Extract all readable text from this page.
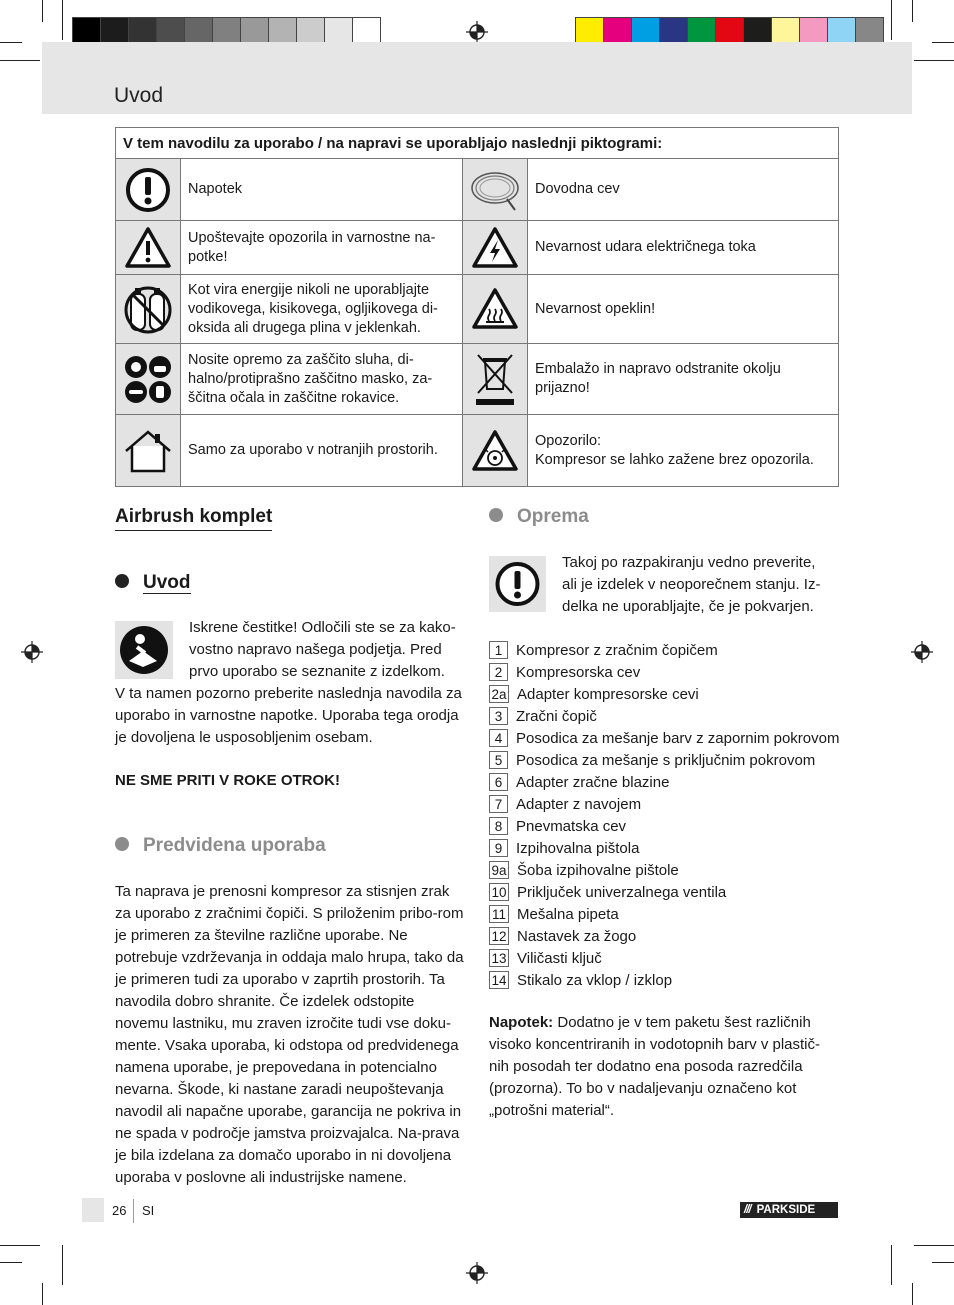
Uvod
V tem navodilu za uporabo / na napravi se uporabljajo naslednji piktogrami:			

	Napotek		Dovodna cev

	Upoštevajte opozorila in varnostne na-potke!		Nevarnost udara električnega toka

	Kot vira energije nikoli ne uporabljajte vodikovega, kisikovega, ogljikovega di-oksida ali drugega plina v jeklenkah.		Nevarnost opeklin!

	Nosite opremo za zaščito sluha, di-halno/protiprašno zaščitno masko, za-ščitna očala in zaščitne rokavice.		Embalažo in napravo odstranite okolju prijazno!

	Samo za uporabo v notranjih prostorih.		Opozorilo:
Kompresor se lahko zažene brez opozorila.
Airbrush komplet
Uvod
Iskrene čestitke! Odločili ste se za kako-vostno napravo našega podjetja. Pred prvo uporabo se seznanite z izdelkom.
V ta namen pozorno preberite naslednja navodila za uporabo in varnostne napotke. Uporaba tega orodja je dovoljena le usposobljenim osebam.
NE SME PRITI V ROKE OTROK!
Predvidena uporaba
Ta naprava je prenosni kompresor za stisnjen zrak za uporabo z zračnimi čopiči. S priloženim pribo-rom je primeren za številne različne uporabe. Ne potrebuje vzdrževanja in oddaja malo hrupa, tako da je primeren tudi za uporabo v zaprtih prostorih. Ta navodila dobro shranite. Če izdelek odstopite novemu lastniku, mu zraven izročite tudi vse doku-mente. Vsaka uporaba, ki odstopa od predvidenega namena uporabe, je prepovedana in potencialno nevarna. Škode, ki nastane zaradi neupoštevanja navodil ali napačne uporabe, garancija ne pokriva in ne spada v področje jamstva proizvajalca. Na-prava je bila izdelana za domačo uporabo in ni dovoljena uporaba v poslovne ali industrijske namene.
Oprema
Takoj po razpakiranju vedno preverite, ali je izdelek v neoporečnem stanju. Iz-delka ne uporabljajte, če je pokvarjen.
1 Kompresor z zračnim čopičem
2 Kompresorska cev
2a Adapter kompresorske cevi
3 Zračni čopič
4 Posodica za mešanje barv z zapornim pokrovom
5 Posodica za mešanje s priključnim pokrovom
6 Adapter zračne blazine
7 Adapter z navojem
8 Pnevmatska cev
9 Izpihovalna pištola
9a Šoba izpihovalne pištole
10 Priključek univerzalnega ventila
11 Mešalna pipeta
12 Nastavek za žogo
13 Viličasti ključ
14 Stikalo za vklop / izklop
Napotek: Dodatno je v tem paketu šest različnih visoko koncentriranih in vodotopnih barv v plastič-nih posodah ter dodatno ena posoda razredčila (prozorna). To bo v nadaljevanju označeno kot „potrošni material“.
26 SI	/// PARKSIDE
